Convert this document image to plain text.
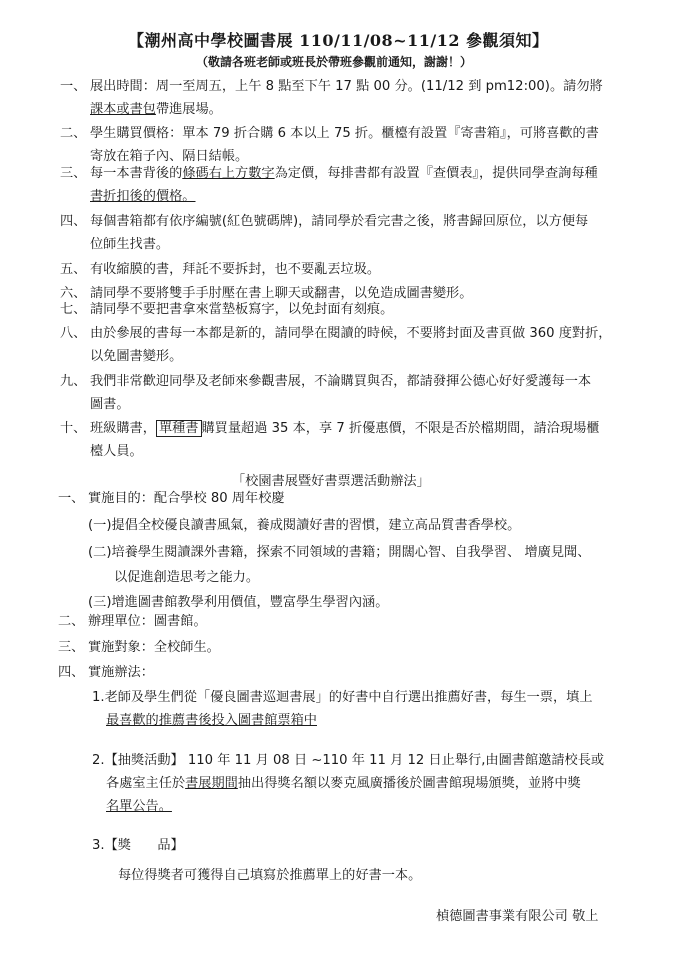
【潮州高中學校圖書展 110/11/08~11/12 參觀須知】
（敬請各班老師或班長於帶班參觀前通知，謝謝！）
一、 展出時間：周一至周五，上午 8 點至下午 17 點 00 分。(11/12 到 pm12:00)。請勿將
課本或書包帶進展場。
二、 學生購買價格：單本 79 折合購 6 本以上 75 折。櫃檯有設置『寄書箱』，可將喜歡的書
寄放在箱子內、隔日結帳。
三、 每一本書背後的條碼右上方數字為定價，每排書都有設置『查價表』，提供同學查詢每種
書折扣後的價格。
四、 每個書箱都有依序編號(紅色號碼牌)，請同學於看完書之後，將書歸回原位，以方便每
位師生找書。
五、 有收縮膜的書，拜託不要拆封，也不要亂丟垃圾。
六、 請同學不要將雙手手肘壓在書上聊天或翻書，以免造成圖書變形。
七、 請同學不要把書拿來當墊板寫字，以免封面有刻痕。
八、 由於參展的書每一本都是新的，請同學在閱讀的時候，不要將封面及書頁做 360 度對折，
以免圖書變形。
九、 我們非常歡迎同學及老師來參觀書展，不論購買與否，都請發揮公德心好好愛護每一本
圖書。
十、 班級購書， 單種書 購買量超過 35 本，享 7 折優惠價，不限是否於檔期間，請洽現場櫃
檯人員。
「校園書展暨好書票選活動辦法」
一、 實施目的：配合學校 80 周年校慶
(一)提倡全校優良讀書風氣，養成閱讀好書的習慣，建立高品質書香學校。
(二)培養學生閱讀課外書籍，探索不同領域的書籍；開闊心智、自我學習、 增廣見聞、
以促進創造思考之能力。
(三)增進圖書館教學利用價值，豐富學生學習內涵。
二、 辦理單位：圖書館。
三、 實施對象：全校師生。
四、 實施辦法：
1.老師及學生們從「優良圖書巡迴書展」的好書中自行選出推薦好書，每生一票，填上
最喜歡的推薦書後投入圖書館票箱中
2.【抽獎活動】 110 年 11 月 08 日 ~110 年 11 月 12 日止舉行,由圖書館邀請校長或
各處室主任於書展期間抽出得獎名額以麥克風廣播後於圖書館現場頒獎，並將中獎
名單公告。
3.【獎　　品】
每位得獎者可獲得自己填寫於推薦單上的好書一本。
楨德圖書事業有限公司 敬上
